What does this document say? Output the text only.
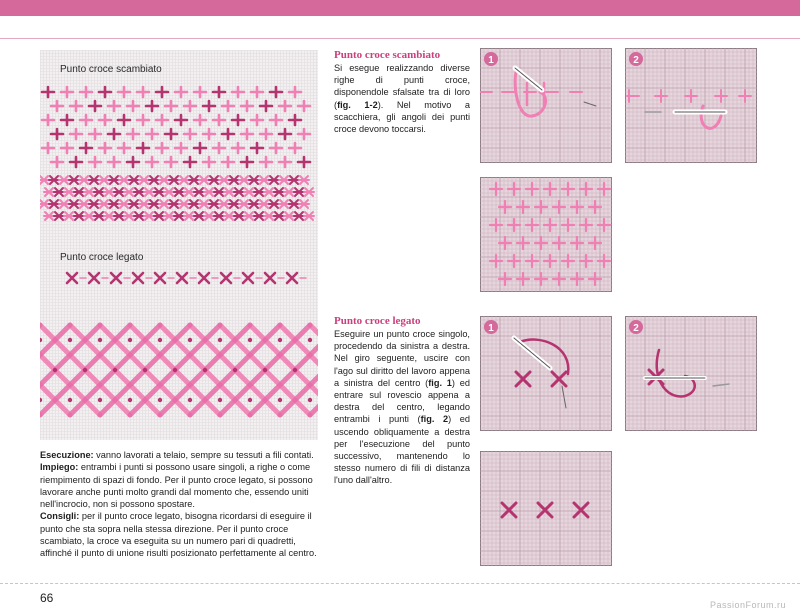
Punto croce scambiato
Punto croce legato

Esecuzione: vanno lavorati a telaio, sempre su tessuti a fili contati.

Impiego: entrambi i punti si possono usare singoli, a righe o come riempimento di spazi di fondo. Per il punto croce legato, si possono lavorare anche punti molto grandi dal momento che, essendo uniti nell'incrocio, non si possono spostare.

Consigli: per il punto croce legato, bisogna ricordarsi di eseguire il punto che sta sopra nella stessa direzione. Per il punto croce scambiato, la croce va eseguita su un numero pari di quadretti, affinché il punto di unione risulti posizionato perfettamente al centro.

Punto croce scambiato
Si esegue realizzando diverse righe di punti croce, disponendole sfalsate tra di loro (fig. 1-2). Nel motivo a scacchiera, gli angoli dei punti croce devono toccarsi.
Punto croce legato
Eseguire un punto croce singolo, procedendo da sinistra a destra. Nel giro seguente, uscire con l'ago sul diritto del lavoro appena a sinistra del centro (fig. 1) ed entrare sul rovescio appena a destra del centro, legando entrambi i punti (fig. 2) ed uscendo obliquamente a destra per l'esecuzione del punto successivo, mantenendo lo stesso numero di fili di distanza l'uno dall'altro.
1	2
1	2
66	PassionForum.ru
